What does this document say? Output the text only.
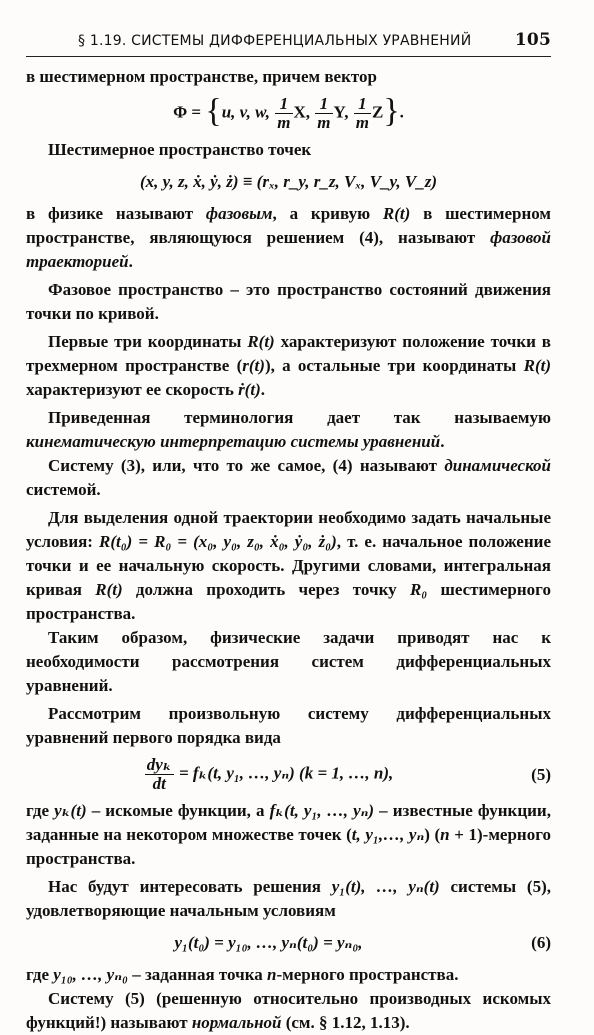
§ 1.19. СИСТЕМЫ ДИФФЕРЕНЦИАЛЬНЫХ УРАВНЕНИЙ	105

в шестимерном пространстве, причем вектор

Φ = {u, v, w, $\frac{1}{m} X$, $\frac{1}{m} Y$, $\frac{1}{m} Z$}.

Шестимерное пространство точек

(x, y, z, ẋ, ẏ, ż) ≡ (rₓ, r_y, r_z, Vₓ, V_y, V_z)

в физике называют фазовым, а кривую R(t) в шестимерном пространстве, являющуюся решением (4), называют фазовой траекторией.

Фазовое пространство – это пространство состояний движения точки по кривой.

Первые три координаты R(t) характеризуют положение точки в трехмерном пространстве (r(t)), а остальные три координаты R(t) характеризуют ее скорость ṙ(t).

Приведенная терминология дает так называемую кинематическую интерпретацию системы уравнений.

Систему (3), или, что то же самое, (4) называют динамической системой.

Для выделения одной траектории необходимо задать начальные условия: R(t₀) = R₀ = (x₀, y₀, z₀, ẋ₀, ẏ₀, ż₀), т. е. начальное положение точки и ее начальную скорость. Другими словами, интегральная кривая R(t) должна проходить через точку R₀ шестимерного пространства.

Таким образом, физические задачи приводят нас к необходимости рассмотрения систем дифференциальных уравнений.

Рассмотрим произвольную систему дифференциальных уравнений первого порядка вида

$\frac{\text{dyₖ}}{dt} = f_k(t$, y₁, …, yₙ) (k = 1, …, n),	(5)

где yₖ(t) – искомые функции, а fₖ(t, y₁, …, yₙ) – известные функции, заданные на некотором множестве точек (t, y₁,…, yₙ) (n + 1)-мерного пространства.

Нас будут интересовать решения y₁(t), …, yₙ(t) системы (5), удовлетворяющие начальным условиям

y₁(t₀) = y₁₀, …, yₙ(t₀) = yₙ₀,	(6)

где y₁₀, …, yₙ₀ – заданная точка n-мерного пространства.

Систему (5) (решенную относительно производных искомых функций!) называют нормальной (см. § 1.12, 1.13).
